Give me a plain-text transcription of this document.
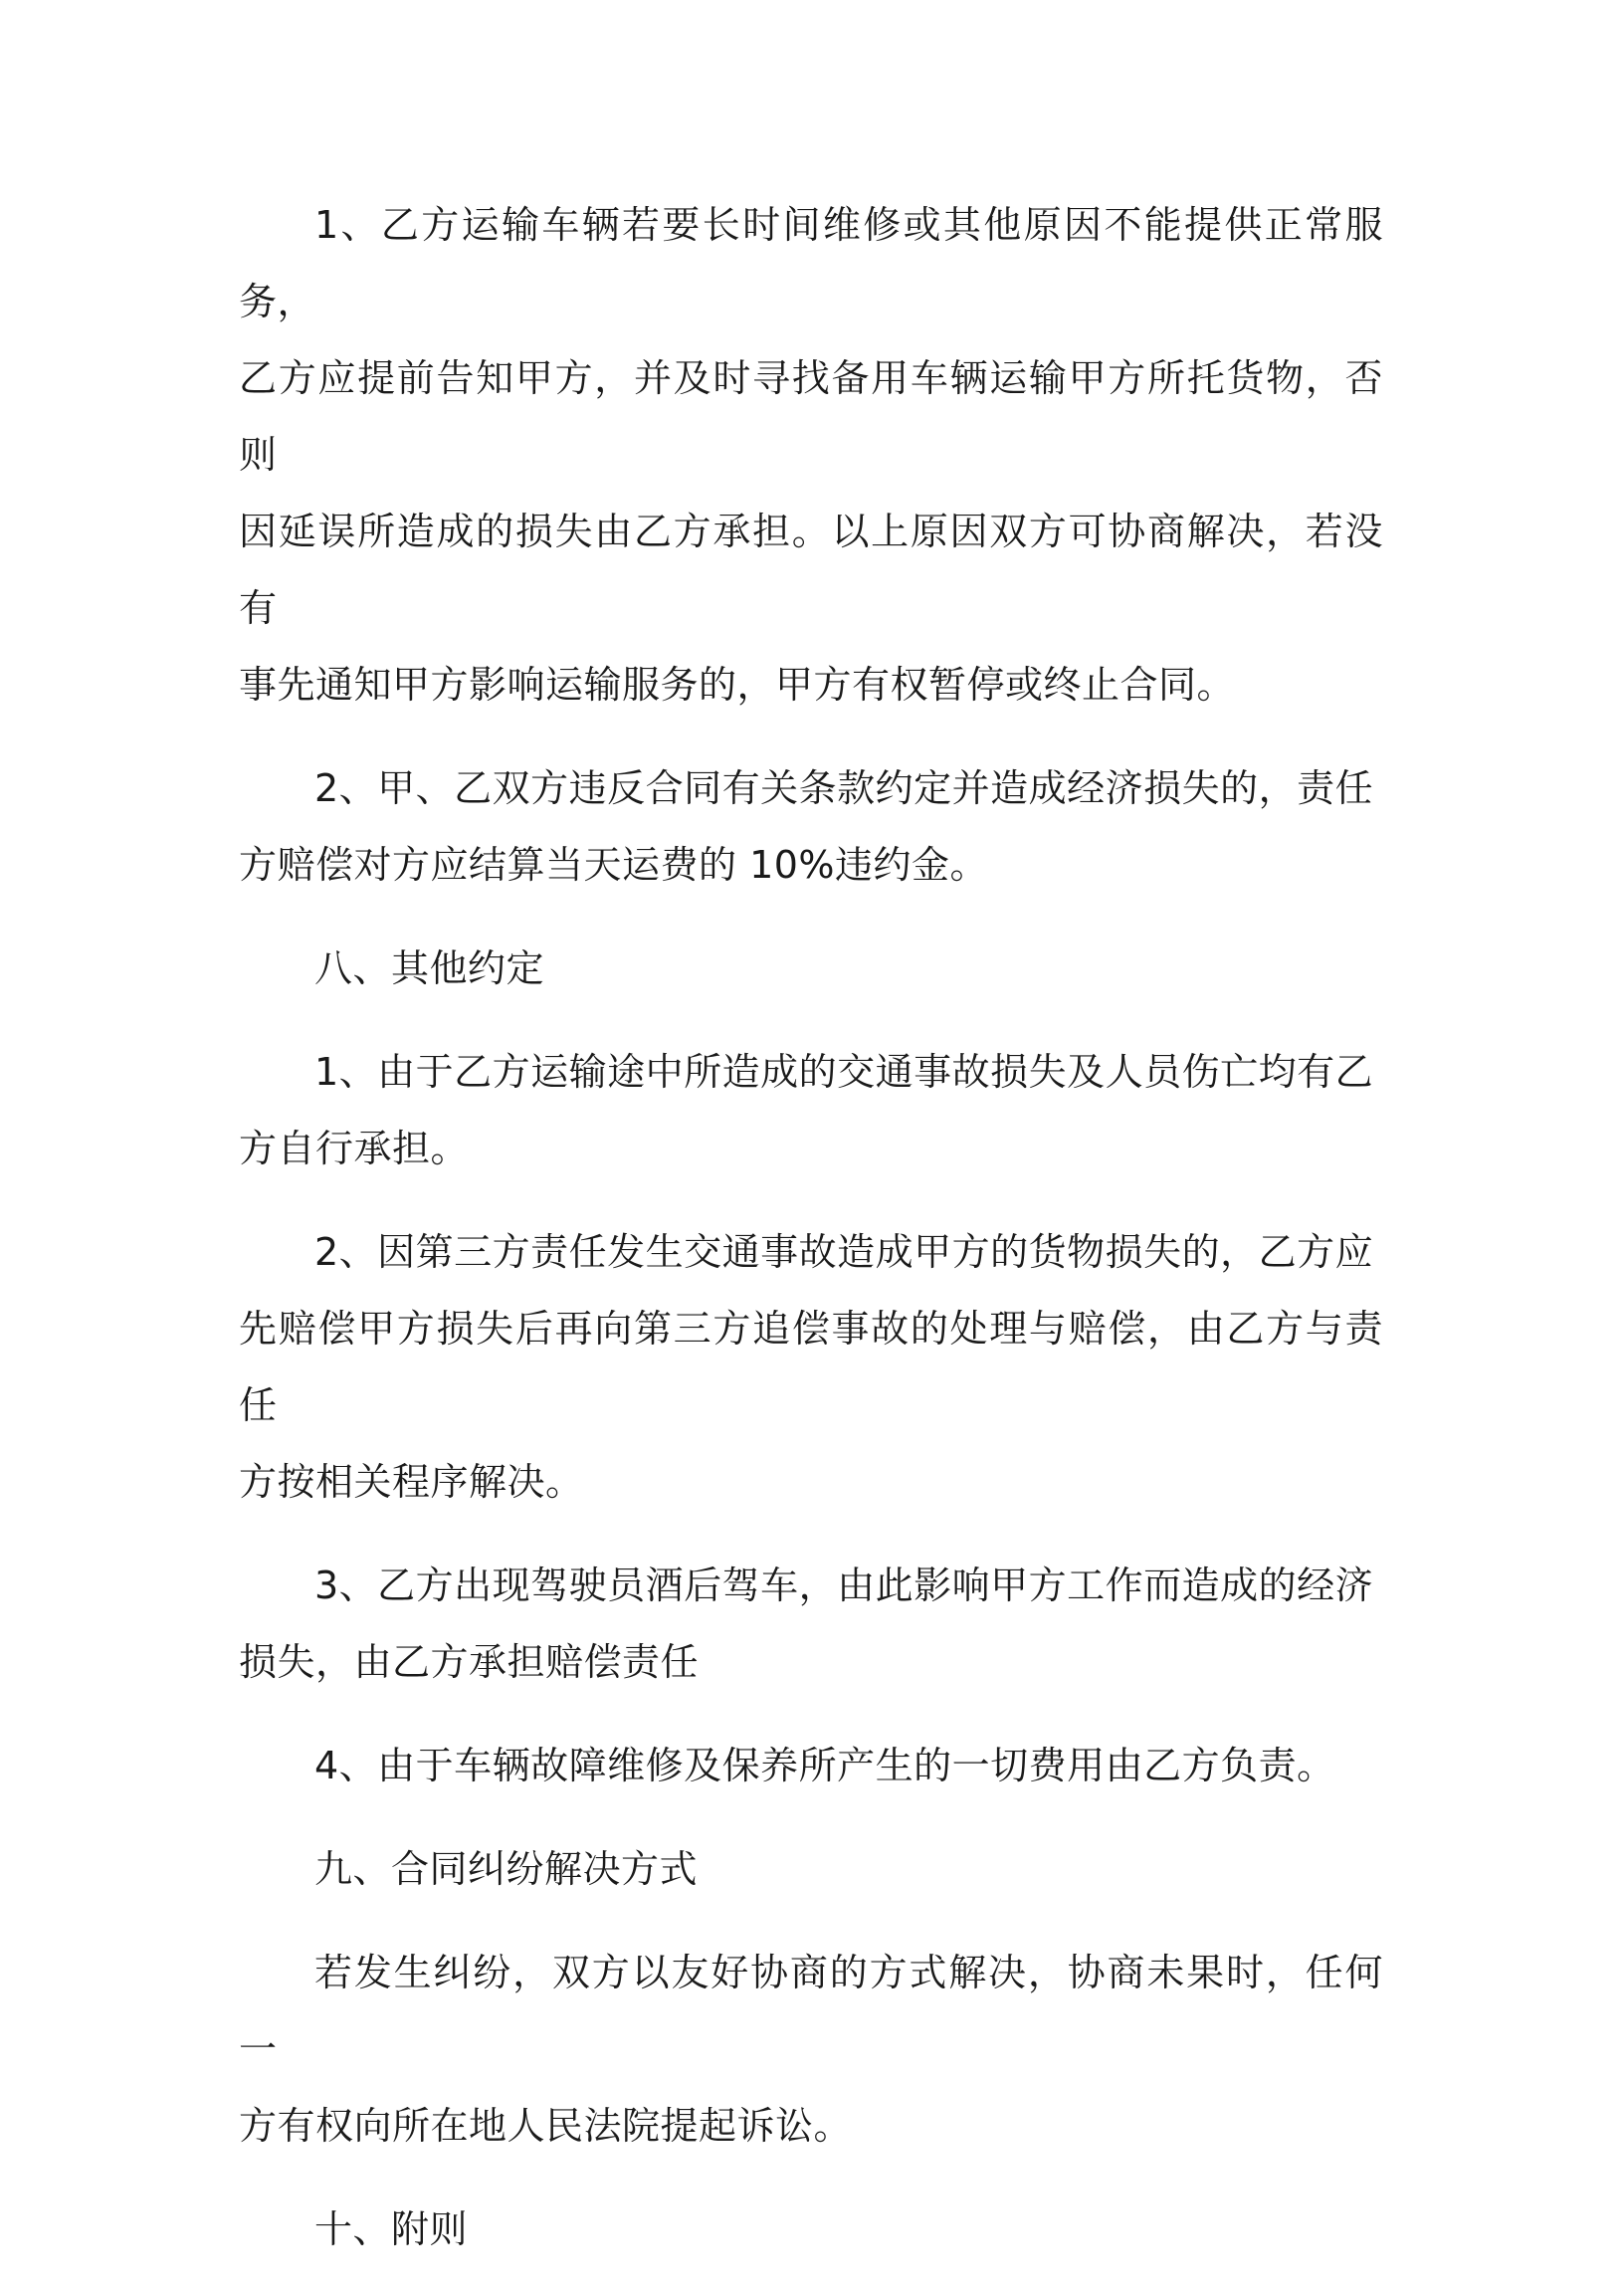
1、乙方运输车辆若要长时间维修或其他原因不能提供正常服务，
乙方应提前告知甲方，并及时寻找备用车辆运输甲方所托货物，否则
因延误所造成的损失由乙方承担。以上原因双方可协商解决，若没有
事先通知甲方影响运输服务的，甲方有权暂停或终止合同。

2、甲、乙双方违反合同有关条款约定并造成经济损失的，责任
方赔偿对方应结算当天运费的 10%违约金。

八、其他约定

1、由于乙方运输途中所造成的交通事故损失及人员伤亡均有乙
方自行承担。

2、因第三方责任发生交通事故造成甲方的货物损失的，乙方应
先赔偿甲方损失后再向第三方追偿事故的处理与赔偿，由乙方与责任
方按相关程序解决。

3、乙方出现驾驶员酒后驾车，由此影响甲方工作而造成的经济
损失，由乙方承担赔偿责任

4、由于车辆故障维修及保养所产生的一切费用由乙方负责。

九、合同纠纷解决方式

若发生纠纷，双方以友好协商的方式解决，协商未果时，任何一
方有权向所在地人民法院提起诉讼。

十、附则
